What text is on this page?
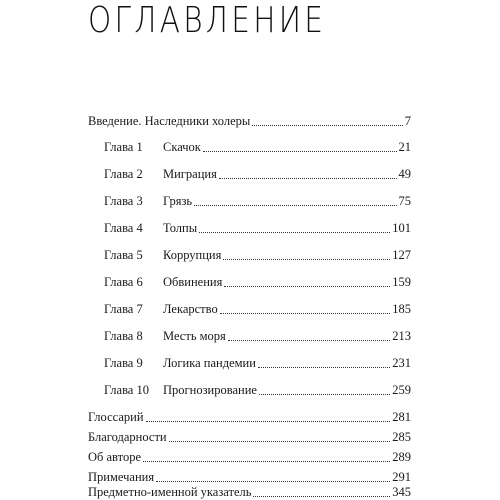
ОГЛАВЛЕНИЕ
Введение. Наследники холеры	7
Глава 1	Скачок	21
Глава 2	Миграция	49
Глава 3	Грязь	75
Глава 4	Толпы	101
Глава 5	Коррупция	127
Глава 6	Обвинения	159
Глава 7	Лекарство	185
Глава 8	Месть моря	213
Глава 9	Логика пандемии	231
Глава 10	Прогнозирование	259
Глоссарий	281
Благодарности	285
Об авторе	289
Примечания	291
Предметно-именной указатель	345
